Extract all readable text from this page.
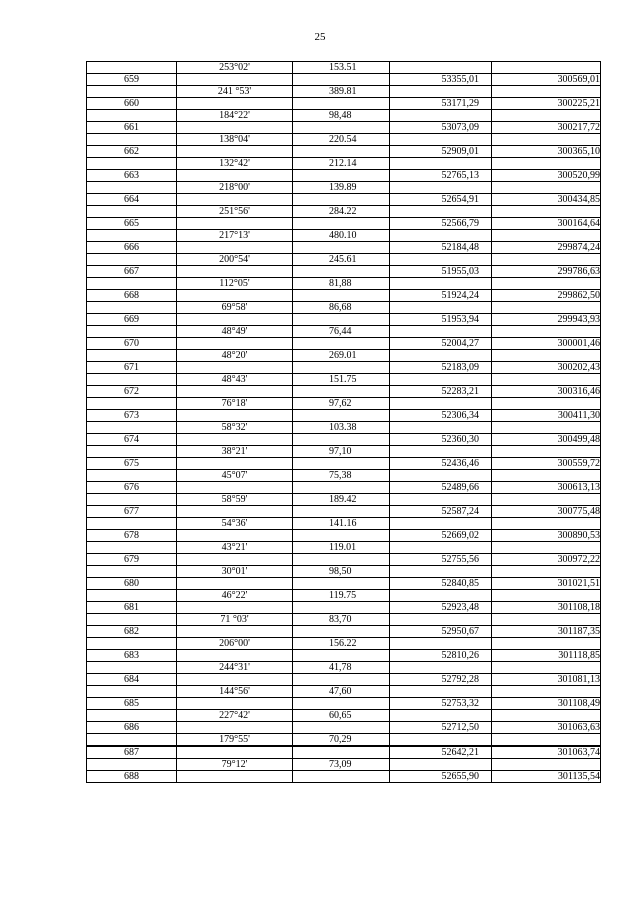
25
	253°02'	153.51		
659			53355,01	300569,01
	241 °53'	389.81		
660			53171,29	300225,21
	184°22'	98,48		
661			53073,09	300217,72
	138°04'	220.54		
662			52909,01	300365,10
	132°42'	212.14		
663			52765,13	300520,99
	218°00'	139.89		
664			52654,91	300434,85
	251°56'	284.22		
665			52566,79	300164,64
	217°13'	480.10		
666			52184,48	299874,24
	200°54'	245.61		
667			51955,03	299786,63
	112°05'	81,88		
668			51924,24	299862,50
	69°58'	86,68		
669			51953,94	299943,93
	48°49'	76,44		
670			52004,27	300001,46
	48°20'	269.01		
671			52183,09	300202,43
	48°43'	151.75		
672			52283,21	300316,46
	76°18'	97,62		
673			52306,34	300411,30
	58°32'	103.38		
674			52360,30	300499,48
	38°21'	97,10		
675			52436,46	300559,72
	45°07'	75,38		
676			52489,66	300613,13
	58°59'	189.42		
677			52587,24	300775,48
	54°36'	141.16		
678			52669,02	300890,53
	43°21'	119.01		
679			52755,56	300972,22
	30°01'	98,50		
680			52840,85	301021,51
	46°22'	119.75		
681			52923,48	301108,18
	71 °03'	83,70		
682			52950,67	301187,35
	206°00'	156.22		
683			52810,26	301118,85
	244°31'	41,78		
684			52792,28	301081,13
	144°56'	47,60		
685			52753,32	301108,49
	227°42'	60,65		
686			52712,50	301063,63
	179°55'	70,29		
687			52642,21	301063,74
	79°12'	73,09		
688			52655,90	301135,54
